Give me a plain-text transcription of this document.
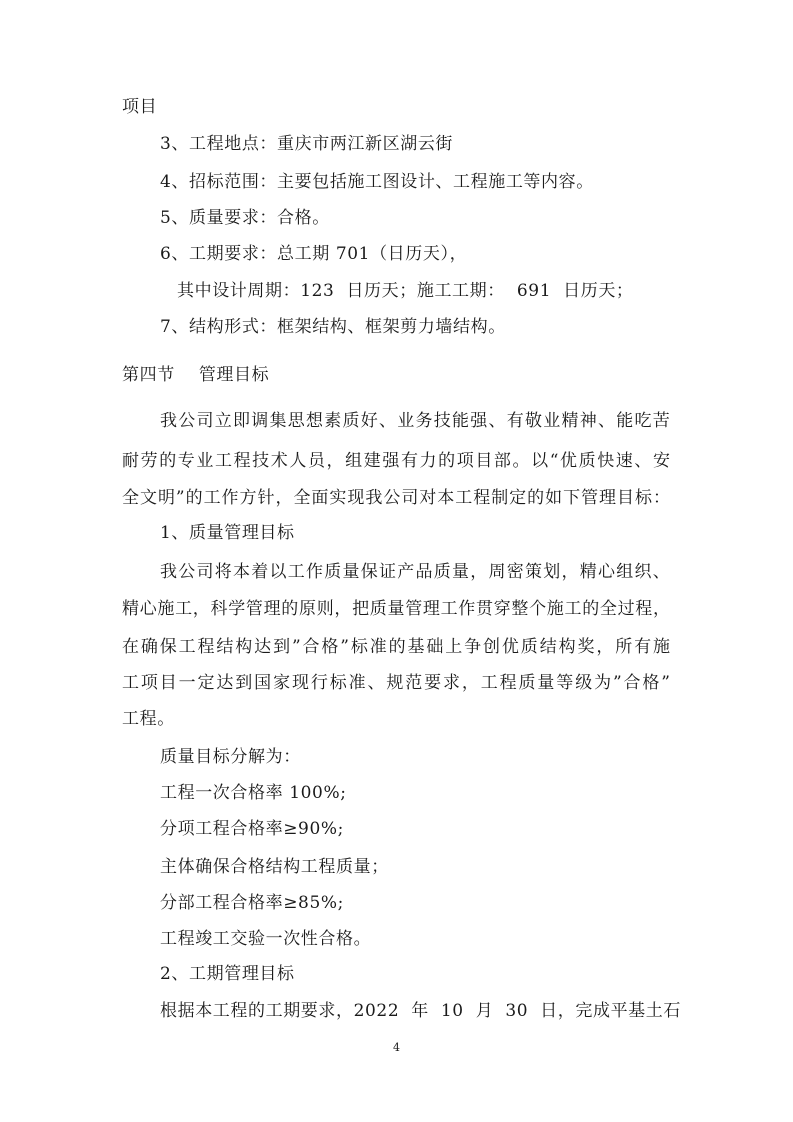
项目
3、工程地点：重庆市两江新区湖云街
4、招标范围：主要包括施工图设计、工程施工等内容。
5、质量要求：合格。
6、工期要求：总工期 701（日历天），
其中设计周期：123  日历天；施工工期：  691  日历天；
7、结构形式：框架结构、框架剪力墙结构。
第四节    管理目标
我公司立即调集思想素质好、业务技能强、有敬业精神、能吃苦
耐劳的专业工程技术人员，组建强有力的项目部。以“优质快速、安
全文明”的工作方针，全面实现我公司对本工程制定的如下管理目标：
1、质量管理目标
我公司将本着以工作质量保证产品质量，周密策划，精心组织、
精心施工，科学管理的原则，把质量管理工作贯穿整个施工的全过程，
在确保工程结构达到”合格”标准的基础上争创优质结构奖，所有施
工项目一定达到国家现行标准、规范要求，工程质量等级为”合格”
工程。
质量目标分解为：
工程一次合格率 100%;
分项工程合格率≥90%;
主体确保合格结构工程质量；
分部工程合格率≥85%;
工程竣工交验一次性合格。
2、工期管理目标
根据本工程的工期要求，2022  年  10  月  30  日，完成平基土石
4
